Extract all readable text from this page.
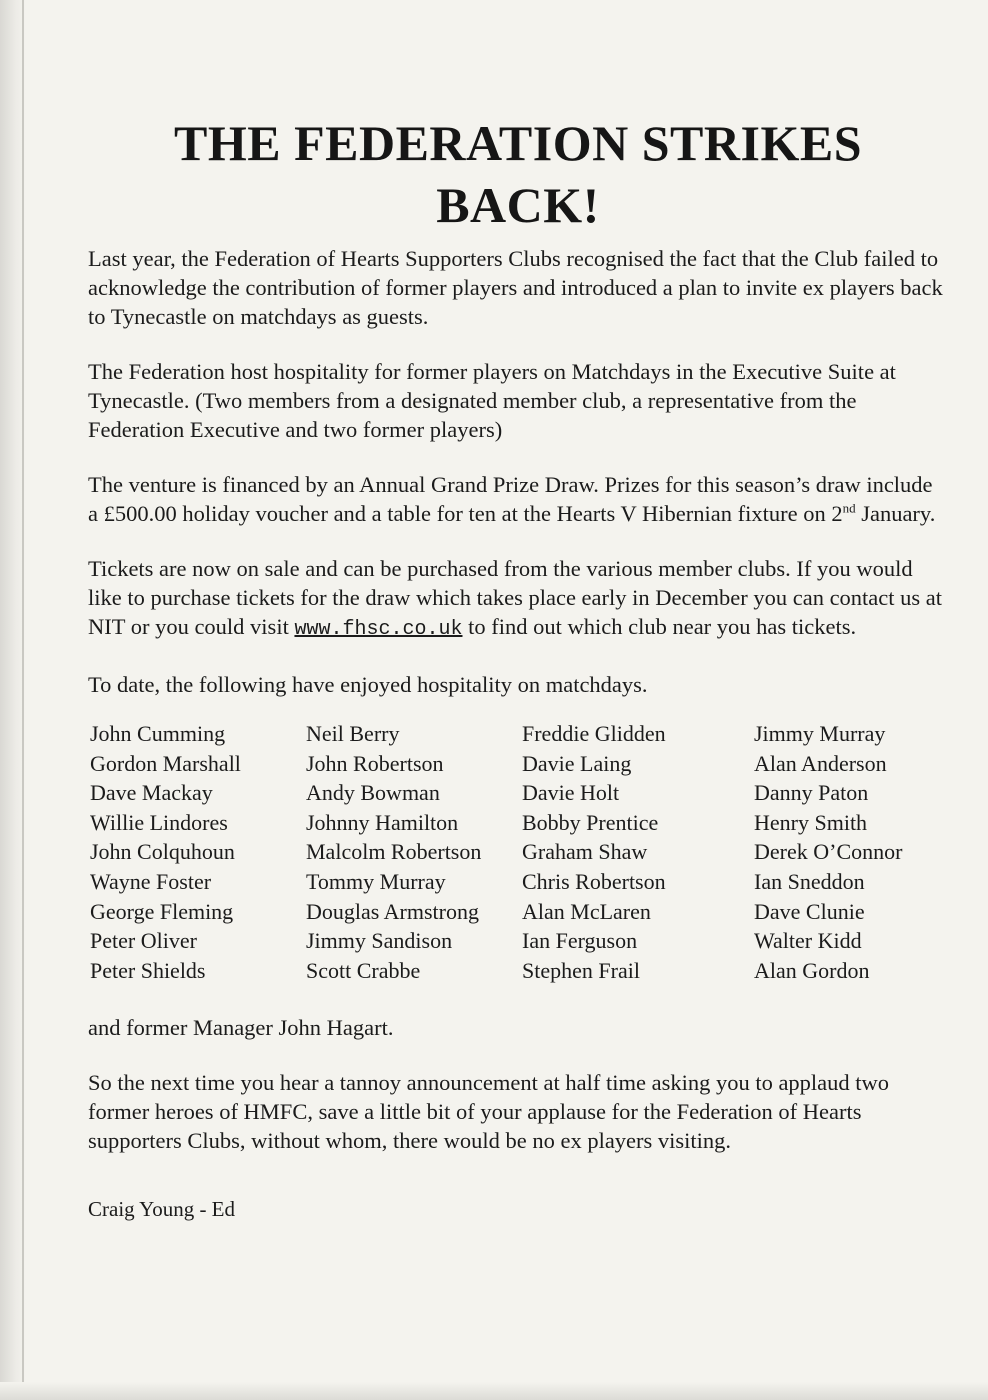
THE FEDERATION STRIKES
BACK!

Last year, the Federation of Hearts Supporters Clubs recognised the fact that the Club failed to acknowledge the contribution of former players and introduced a plan to invite ex players back to Tynecastle on matchdays as guests.

The Federation host hospitality for former players on Matchdays in the Executive Suite at Tynecastle. (Two members from a designated member club, a representative from the Federation Executive and two former players)

The venture is financed by an Annual Grand Prize Draw. Prizes for this season’s draw include a £500.00 holiday voucher and a table for ten at the Hearts V Hibernian fixture on 2nd January.

Tickets are now on sale and can be purchased from the various member clubs. If you would like to purchase tickets for the draw which takes place early in December you can contact us at NIT or you could visit www.fhsc.co.uk to find out which club near you has tickets.

To date, the following have enjoyed hospitality on matchdays.

John Cumming	Neil Berry	Freddie Glidden	Jimmy Murray
Gordon Marshall	John Robertson	Davie Laing	Alan Anderson
Dave Mackay	Andy Bowman	Davie Holt	Danny Paton
Willie Lindores	Johnny Hamilton	Bobby Prentice	Henry Smith
John Colquhoun	Malcolm Robertson	Graham Shaw	Derek O’Connor
Wayne Foster	Tommy Murray	Chris Robertson	Ian Sneddon
George Fleming	Douglas Armstrong	Alan McLaren	Dave Clunie
Peter Oliver	Jimmy Sandison	Ian Ferguson	Walter Kidd
Peter Shields	Scott Crabbe	Stephen Frail	Alan Gordon

and former Manager John Hagart.

So the next time you hear a tannoy announcement at half time asking you to applaud two former heroes of HMFC, save a little bit of your applause for the Federation of Hearts supporters Clubs, without whom, there would be no ex players visiting.

Craig Young - Ed
